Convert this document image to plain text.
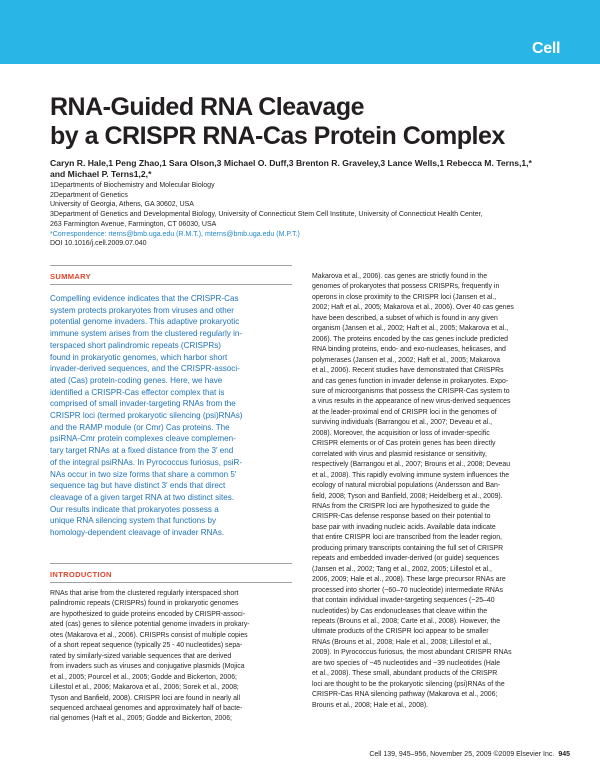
Cell
RNA-Guided RNA Cleavage
by a CRISPR RNA-Cas Protein Complex
Caryn R. Hale,1 Peng Zhao,1 Sara Olson,3 Michael O. Duff,3 Brenton R. Graveley,3 Lance Wells,1 Rebecca M. Terns,1,*
and Michael P. Terns1,2,*
1Departments of Biochemistry and Molecular Biology
2Department of Genetics
University of Georgia, Athens, GA 30602, USA
3Department of Genetics and Developmental Biology, University of Connecticut Stem Cell Institute, University of Connecticut Health Center,
263 Farmington Avenue, Farmington, CT 06030, USA
*Correspondence: rterns@bmb.uga.edu (R.M.T.), mterns@bmb.uga.edu (M.P.T.)
DOI 10.1016/j.cell.2009.07.040
SUMMARY
Compelling evidence indicates that the CRISPR-Cas
system protects prokaryotes from viruses and other
potential genome invaders. This adaptive prokaryotic
immune system arises from the clustered regularly in-
terspaced short palindromic repeats (CRISPRs)
found in prokaryotic genomes, which harbor short
invader-derived sequences, and the CRISPR-associ-
ated (Cas) protein-coding genes. Here, we have
identified a CRISPR-Cas effector complex that is
comprised of small invader-targeting RNAs from the
CRISPR loci (termed prokaryotic silencing (psi)RNAs)
and the RAMP module (or Cmr) Cas proteins. The
psiRNA-Cmr protein complexes cleave complemen-
tary target RNAs at a fixed distance from the 3′ end
of the integral psiRNAs. In Pyrococcus furiosus, psiR-
NAs occur in two size forms that share a common 5′
sequence tag but have distinct 3′ ends that direct
cleavage of a given target RNA at two distinct sites.
Our results indicate that prokaryotes possess a
unique RNA silencing system that functions by
homology-dependent cleavage of invader RNAs.
INTRODUCTION
RNAs that arise from the clustered regularly interspaced short
palindromic repeats (CRISPRs) found in prokaryotic genomes
are hypothesized to guide proteins encoded by CRISPR-associ-
ated (cas) genes to silence potential genome invaders in prokary-
otes (Makarova et al., 2006). CRISPRs consist of multiple copies
of a short repeat sequence (typically 25 - 40 nucleotides) sepa-
rated by similarly-sized variable sequences that are derived
from invaders such as viruses and conjugative plasmids (Mojica
et al., 2005; Pourcel et al., 2005; Godde and Bickerton, 2006;
Lillestol et al., 2006; Makarova et al., 2006; Sorek et al., 2008;
Tyson and Banfield, 2008). CRISPR loci are found in nearly all
sequenced archaeal genomes and approximately half of bacte-
rial genomes (Haft et al., 2005; Godde and Bickerton, 2006;
Makarova et al., 2006). cas genes are strictly found in the
genomes of prokaryotes that possess CRISPRs, frequently in
operons in close proximity to the CRISPR loci (Jansen et al.,
2002; Haft et al., 2005; Makarova et al., 2006). Over 40 cas genes
have been described, a subset of which is found in any given
organism (Jansen et al., 2002; Haft et al., 2005; Makarova et al.,
2006). The proteins encoded by the cas genes include predicted
RNA binding proteins, endo- and exo-nucleases, helicases, and
polymerases (Jansen et al., 2002; Haft et al., 2005; Makarova
et al., 2006). Recent studies have demonstrated that CRISPRs
and cas genes function in invader defense in prokaryotes. Expo-
sure of microorganisms that possess the CRISPR-Cas system to
a virus results in the appearance of new virus-derived sequences
at the leader-proximal end of CRISPR loci in the genomes of
surviving individuals (Barrangou et al., 2007; Deveau et al.,
2008). Moreover, the acquisition or loss of invader-specific
CRISPR elements or of Cas protein genes has been directly
correlated with virus and plasmid resistance or sensitivity,
respectively (Barrangou et al., 2007; Brouns et al., 2008; Deveau
et al., 2008). This rapidly evolving immune system influences the
ecology of natural microbial populations (Andersson and Ban-
field, 2008; Tyson and Banfield, 2008; Heidelberg et al., 2009).
RNAs from the CRISPR loci are hypothesized to guide the
CRISPR-Cas defense response based on their potential to
base pair with invading nucleic acids. Available data indicate
that entire CRISPR loci are transcribed from the leader region,
producing primary transcripts containing the full set of CRISPR
repeats and embedded invader-derived (or guide) sequences
(Jansen et al., 2002; Tang et al., 2002, 2005; Lillestol et al.,
2006, 2009; Hale et al., 2008). These large precursor RNAs are
processed into shorter (~60–70 nucleotide) intermediate RNAs
that contain individual invader-targeting sequences (~25–40
nucleotides) by Cas endonucleases that cleave within the
repeats (Brouns et al., 2008; Carte et al., 2008). However, the
ultimate products of the CRISPR loci appear to be smaller
RNAs (Brouns et al., 2008; Hale et al., 2008; Lillestol et al.,
2009). In Pyrococcus furiosus, the most abundant CRISPR RNAs
are two species of ~45 nucleotides and ~39 nucleotides (Hale
et al., 2008). These small, abundant products of the CRISPR
loci are thought to be the prokaryotic silencing (psi)RNAs of the
CRISPR-Cas RNA silencing pathway (Makarova et al., 2006;
Brouns et al., 2008; Hale et al., 2008).
Cell 139, 945–956, November 25, 2009 ©2009 Elsevier Inc. 945
